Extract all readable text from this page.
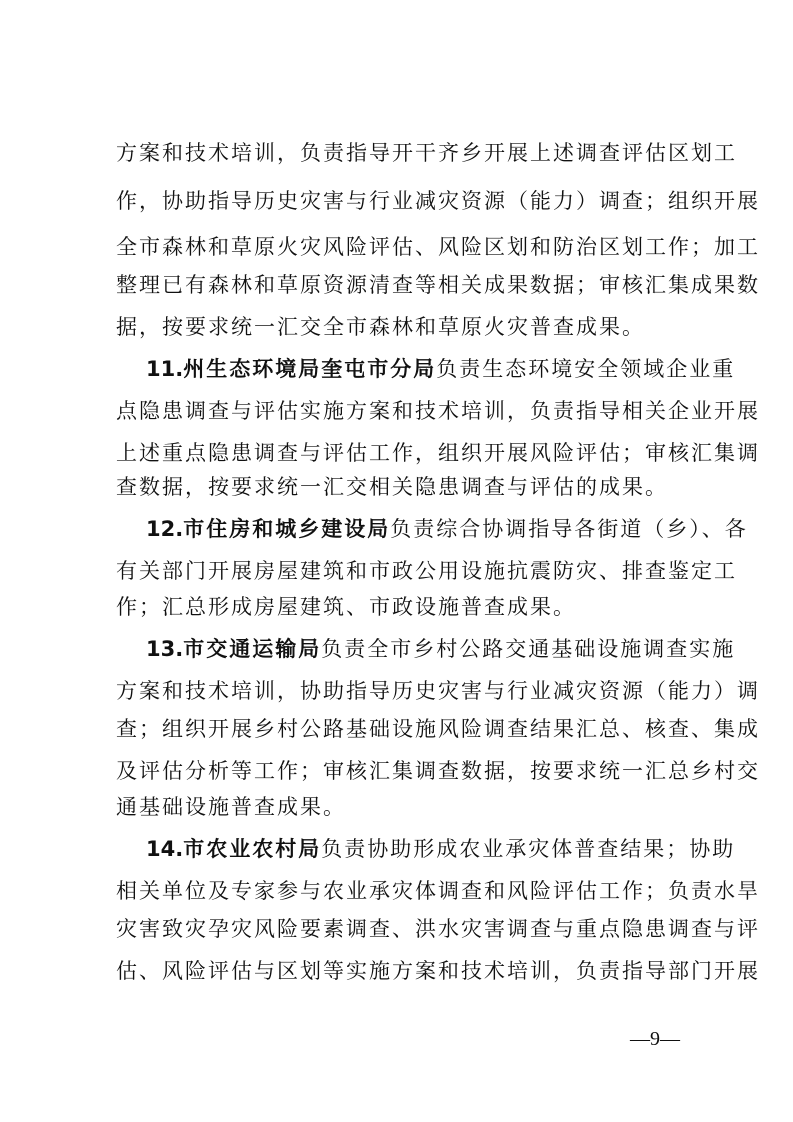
方案和技术培训，负责指导开干齐乡开展上述调查评估区划工
作，协助指导历史灾害与行业减灾资源（能力）调查；组织开展
全市森林和草原火灾风险评估、风险区划和防治区划工作；加工
整理已有森林和草原资源清查等相关成果数据；审核汇集成果数
据，按要求统一汇交全市森林和草原火灾普查成果。
11.州生态环境局奎屯市分局负责生态环境安全领域企业重
点隐患调查与评估实施方案和技术培训，负责指导相关企业开展
上述重点隐患调查与评估工作，组织开展风险评估；审核汇集调
查数据，按要求统一汇交相关隐患调查与评估的成果。
12.市住房和城乡建设局负责综合协调指导各街道（乡）、各
有关部门开展房屋建筑和市政公用设施抗震防灾、排查鉴定工
作；汇总形成房屋建筑、市政设施普查成果。
13.市交通运输局负责全市乡村公路交通基础设施调查实施
方案和技术培训，协助指导历史灾害与行业减灾资源（能力）调
查；组织开展乡村公路基础设施风险调查结果汇总、核查、集成
及评估分析等工作；审核汇集调查数据，按要求统一汇总乡村交
通基础设施普查成果。
14.市农业农村局负责协助形成农业承灾体普查结果；协助
相关单位及专家参与农业承灾体调查和风险评估工作；负责水旱
灾害致灾孕灾风险要素调查、洪水灾害调查与重点隐患调查与评
估、风险评估与区划等实施方案和技术培训，负责指导部门开展
—9—
